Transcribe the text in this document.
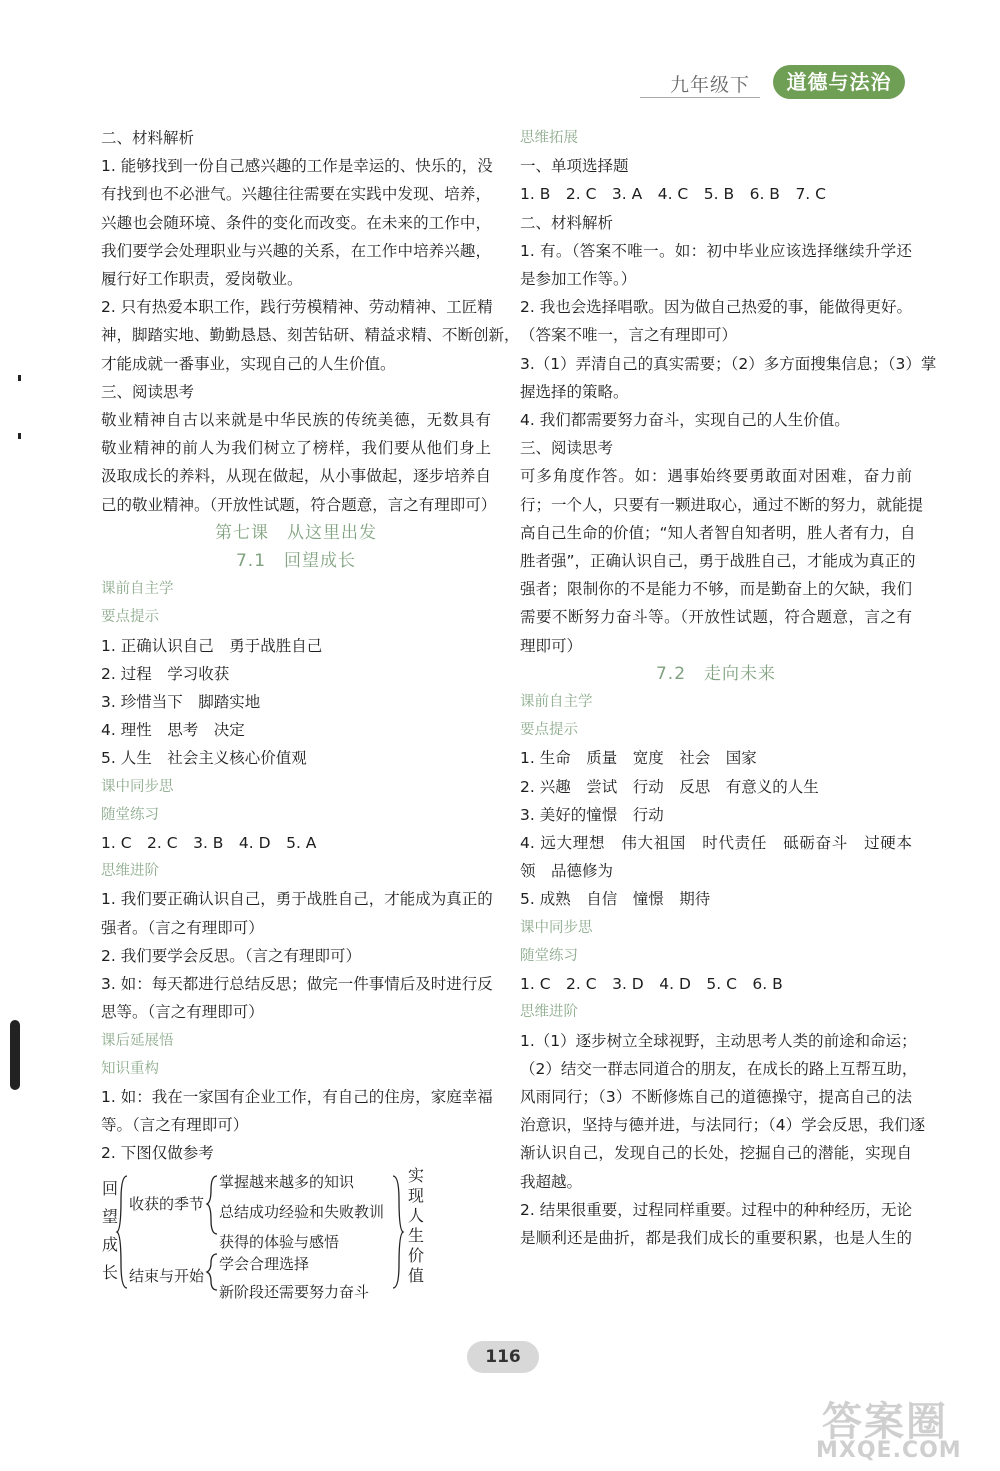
九年级下	道德与法治
二、材料解析
1. 能够找到一份自己感兴趣的工作是幸运的、快乐的，没
有找到也不必泄气。兴趣往往需要在实践中发现、培养，
兴趣也会随环境、条件的变化而改变。在未来的工作中，
我们要学会处理职业与兴趣的关系，在工作中培养兴趣，
履行好工作职责，爱岗敬业。
2. 只有热爱本职工作，践行劳模精神、劳动精神、工匠精
神，脚踏实地、勤勤恳恳、刻苦钻研、精益求精、不断创新，
才能成就一番事业，实现自己的人生价值。
三、阅读思考
敬业精神自古以来就是中华民族的传统美德，无数具有
敬业精神的前人为我们树立了榜样，我们要从他们身上
汲取成长的养料，从现在做起，从小事做起，逐步培养自
己的敬业精神。（开放性试题，符合题意，言之有理即可）
第七课　从这里出发
7.1　回望成长
课前自主学
要点提示
1. 正确认识自己　勇于战胜自己
2. 过程　学习收获
3. 珍惜当下　脚踏实地
4. 理性　思考　决定
5. 人生　社会主义核心价值观
课中同步思
随堂练习
1. C　2. C　3. B　4. D　5. A
思维进阶
1. 我们要正确认识自己，勇于战胜自己，才能成为真正的
强者。（言之有理即可）
2. 我们要学会反思。（言之有理即可）
3. 如：每天都进行总结反思；做完一件事情后及时进行反
思等。（言之有理即可）
课后延展悟
知识重构
1. 如：我在一家国有企业工作，有自己的住房，家庭幸福
等。（言之有理即可）
2. 下图仅做参考
回
望
成
长
收获的季节
结束与开始
掌握越来越多的知识
总结成功经验和失败教训
获得的体验与感悟
学会合理选择
新阶段还需要努力奋斗
实
现
人
生
价
值
思维拓展
一、单项选择题
1. B　2. C　3. A　4. C　5. B　6. B　7. C
二、材料解析
1. 有。（答案不唯一。如：初中毕业应该选择继续升学还
是参加工作等。）
2. 我也会选择唱歌。因为做自己热爱的事，能做得更好。
（答案不唯一，言之有理即可）
3.（1）弄清自己的真实需要；（2）多方面搜集信息；（3）掌
握选择的策略。
4. 我们都需要努力奋斗，实现自己的人生价值。
三、阅读思考
可多角度作答。如：遇事始终要勇敢面对困难，奋力前
行；一个人，只要有一颗进取心，通过不断的努力，就能提
高自己生命的价值；“知人者智自知者明，胜人者有力，自
胜者强”，正确认识自己，勇于战胜自己，才能成为真正的
强者；限制你的不是能力不够，而是勤奋上的欠缺，我们
需要不断努力奋斗等。（开放性试题，符合题意，言之有
理即可）
7.2　走向未来
课前自主学
要点提示
1. 生命　质量　宽度　社会　国家
2. 兴趣　尝试　行动　反思　有意义的人生
3. 美好的憧憬　行动
4. 远大理想　伟大祖国　时代责任　砥砺奋斗　过硬本
领　品德修为
5. 成熟　自信　憧憬　期待
课中同步思
随堂练习
1. C　2. C　3. D　4. D　5. C　6. B
思维进阶
1.（1）逐步树立全球视野，主动思考人类的前途和命运；
（2）结交一群志同道合的朋友，在成长的路上互帮互助，
风雨同行；（3）不断修炼自己的道德操守，提高自己的法
治意识，坚持与德并进，与法同行；（4）学会反思，我们逐
渐认识自己，发现自己的长处，挖掘自己的潜能，实现自
我超越。
2. 结果很重要，过程同样重要。过程中的种种经历，无论
是顺利还是曲折，都是我们成长的重要积累，也是人生的
116
答案圈
MXQE.COM
